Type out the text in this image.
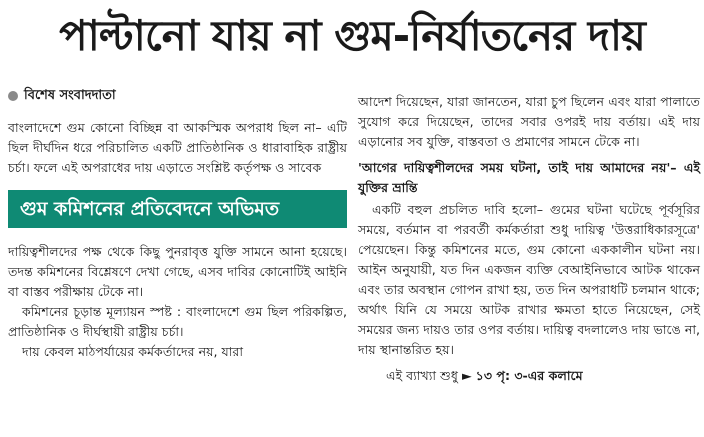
পাল্টানো যায় না গুম-নির্যাতনের দায়
বিশেষ সংবাদদাতা

বাংলাদেশে গুম কোনো বিচ্ছিন্ন বা আকস্মিক অপরাধ ছিল না– এটি ছিল দীর্ঘদিন ধরে পরিচালিত একটি প্রাতিষ্ঠানিক ও ধারাবাহিক রাষ্ট্রীয় চর্চা। ফলে এই অপরাধের দায় এড়াতে সংশ্লিষ্ট কর্তৃপক্ষ ও সাবেক

গুম কমিশনের প্রতিবেদনে অভিমত

দায়িত্বশীলদের পক্ষ থেকে কিছু পুনরাবৃত্ত যুক্তি সামনে আনা হয়েছে। তদন্ত কমিশনের বিশ্লেষণে দেখা গেছে, এসব দাবির কোনোটিই আইনি বা বাস্তব পরীক্ষায় টেকে না।

কমিশনের চূড়ান্ত মূল্যায়ন স্পষ্ট : বাংলাদেশে গুম ছিল পরিকল্পিত, প্রাতিষ্ঠানিক ও দীর্ঘস্থায়ী রাষ্ট্রীয় চর্চা।

দায় কেবল মাঠপর্যায়ের কর্মকর্তাদের নয়, যারা

আদেশ দিয়েছেন, যারা জানতেন, যারা চুপ ছিলেন এবং যারা পালাতে সুযোগ করে দিয়েছেন, তাদের সবার ওপরই দায় বর্তায়। এই দায় এড়ানোর সব যুক্তি, বাস্তবতা ও প্রমাণের সামনে টেকে না।

'আগের দায়িত্বশীলদের সময় ঘটনা, তাই দায় আমাদের নয়'– এই যুক্তির ভ্রান্তি

একটি বহুল প্রচলিত দাবি হলো– গুমের ঘটনা ঘটেছে পূর্বসূরির সময়ে, বর্তমান বা পরবর্তী কর্মকর্তারা শুধু দায়িত্ব 'উত্তরাধিকারসূত্রে' পেয়েছেন। কিন্তু কমিশনের মতে, গুম কোনো এককালীন ঘটনা নয়। আইন অনুযায়ী, যত দিন একজন ব্যক্তি বেআইনিভাবে আটক থাকেন এবং তার অবস্থান গোপন রাখা হয়, তত দিন অপরাধটি চলমান থাকে; অর্থাৎ যিনি যে সময়ে আটক রাখার ক্ষমতা হাতে নিয়েছেন, সেই সময়ের জন্য দায়ও তার ওপর বর্তায়। দায়িত্ব বদলালেও দায় ভাঙে না, দায় স্থানান্তরিত হয়।

এই ব্যাখ্যা শুধু ► ১৩ পৃ: ৩-এর কলামে
